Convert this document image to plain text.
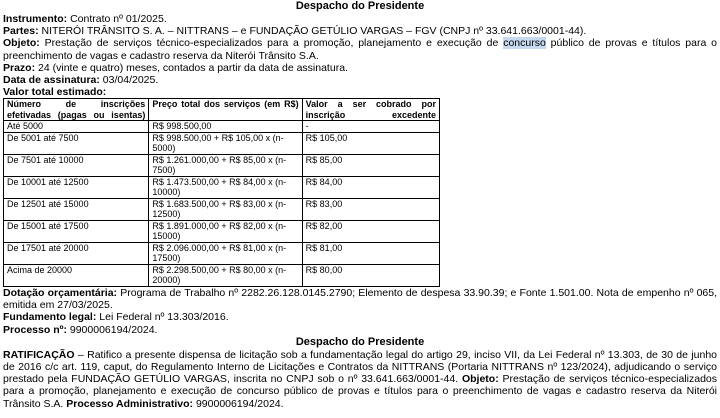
Despacho do Presidente

Instrumento: Contrato nº 01/2025.

Partes: NITERÓI TRÂNSITO S. A. – NITTRANS – e FUNDAÇÃO GETÚLIO VARGAS – FGV (CNPJ nº 33.641.663/0001-44).

Objeto: Prestação de serviços técnico-especializados para a promoção, planejamento e execução de concurso público de provas e títulos para o preenchimento de vagas e cadastro reserva da Niterói Trânsito S.A.

Prazo: 24 (vinte e quatro) meses, contados a partir da data de assinatura.

Data de assinatura: 03/04/2025.

Valor total estimado:

Número de inscrições efetivadas (pagas ou isentas)	Preço total dos serviços (em R$)	Valor a ser cobrado por inscrição excedente

Até 5000	R$ 998.500,00	-
De 5001 até 7500	R$ 998.500,00 + R$ 105,00 x (n-5000)	R$ 105,00
De 7501 até 10000	R$ 1.261.000,00 + R$ 85,00 x (n-7500)	R$ 85,00
De 10001 até 12500	R$ 1.473.500,00 + R$ 84,00 x (n-10000)	R$ 84,00
De 12501 até 15000	R$ 1.683.500,00 + R$ 83,00 x (n-12500)	R$ 83,00
De 15001 até 17500	R$ 1.891.000,00 + R$ 82,00 x (n-15000)	R$ 82,00
De 17501 até 20000	R$ 2.096.000,00 + R$ 81,00 x (n-17500)	R$ 81,00
Acima de 20000	R$ 2.298.500,00 + R$ 80,00 x (n-20000)	R$ 80,00

Dotação orçamentária: Programa de Trabalho nº 2282.26.128.0145.2790; Elemento de despesa 33.90.39; e Fonte 1.501.00. Nota de empenho nº 065, emitida em 27/03/2025.

Fundamento legal: Lei Federal nº 13.303/2016.

Processo nº: 9900006194/2024.

Despacho do Presidente

RATIFICAÇÃO – Ratifico a presente dispensa de licitação sob a fundamentação legal do artigo 29, inciso VII, da Lei Federal nº 13.303, de 30 de junho de 2016 c/c art. 119, caput, do Regulamento Interno de Licitações e Contratos da NITTRANS (Portaria NITTRANS nº 123/2024), adjudicando o serviço prestado pela FUNDAÇÃO GETÚLIO VARGAS, inscrita no CNPJ sob o nº 33.641.663/0001-44. Objeto: Prestação de serviços técnico-especializados para a promoção, planejamento e execução de concurso público de provas e títulos para o preenchimento de vagas e cadastro reserva da Niterói Trânsito S.A. Processo Administrativo: 9900006194/2024.
